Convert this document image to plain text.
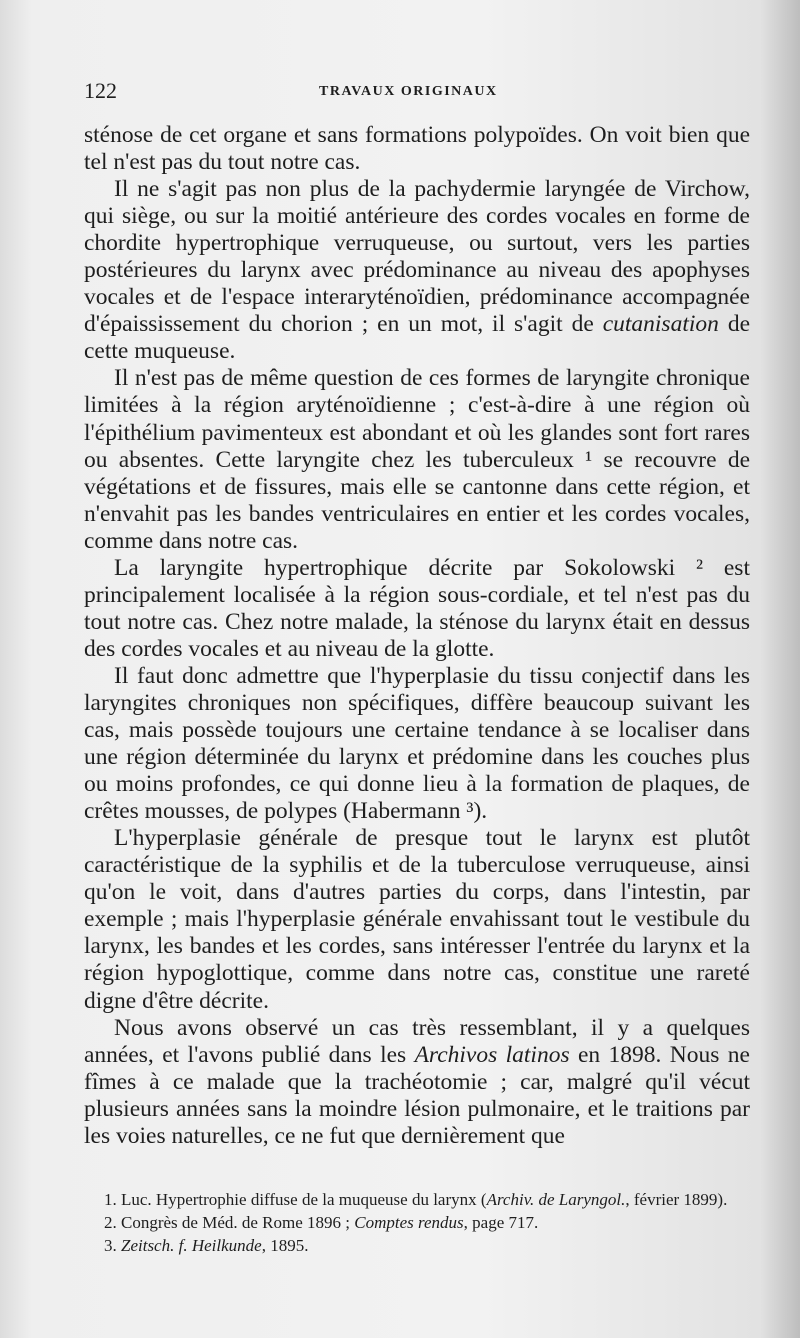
122	TRAVAUX ORIGINAUX

sténose de cet organe et sans formations polypoïdes. On voit bien que tel n'est pas du tout notre cas.

Il ne s'agit pas non plus de la pachydermie laryngée de Virchow, qui siège, ou sur la moitié antérieure des cordes vocales en forme de chordite hypertrophique verruqueuse, ou surtout, vers les parties postérieures du larynx avec prédominance au niveau des apophyses vocales et de l'espace interaryténoïdien, prédominance accompagnée d'épaississement du chorion ; en un mot, il s'agit de cutanisation de cette muqueuse.

Il n'est pas de même question de ces formes de laryngite chronique limitées à la région aryténoïdienne ; c'est-à-dire à une région où l'épithélium pavimenteux est abondant et où les glandes sont fort rares ou absentes. Cette laryngite chez les tuberculeux ¹ se recouvre de végétations et de fissures, mais elle se cantonne dans cette région, et n'envahit pas les bandes ventriculaires en entier et les cordes vocales, comme dans notre cas.

La laryngite hypertrophique décrite par Sokolowski ² est principalement localisée à la région sous-cordiale, et tel n'est pas du tout notre cas. Chez notre malade, la sténose du larynx était en dessus des cordes vocales et au niveau de la glotte.

Il faut donc admettre que l'hyperplasie du tissu conjectif dans les laryngites chroniques non spécifiques, diffère beaucoup suivant les cas, mais possède toujours une certaine tendance à se localiser dans une région déterminée du larynx et prédomine dans les couches plus ou moins profondes, ce qui donne lieu à la formation de plaques, de crêtes mousses, de polypes (Habermann ³).

L'hyperplasie générale de presque tout le larynx est plutôt caractéristique de la syphilis et de la tuberculose verruqueuse, ainsi qu'on le voit, dans d'autres parties du corps, dans l'intestin, par exemple ; mais l'hyperplasie générale envahissant tout le vestibule du larynx, les bandes et les cordes, sans intéresser l'entrée du larynx et la région hypoglottique, comme dans notre cas, constitue une rareté digne d'être décrite.

Nous avons observé un cas très ressemblant, il y a quelques années, et l'avons publié dans les Archivos latinos en 1898. Nous ne fîmes à ce malade que la trachéotomie ; car, malgré qu'il vécut plusieurs années sans la moindre lésion pulmonaire, et le traitions par les voies naturelles, ce ne fut que dernièrement que

1. Luc. Hypertrophie diffuse de la muqueuse du larynx (Archiv. de Laryngol., février 1899).

2. Congrès de Méd. de Rome 1896 ; Comptes rendus, page 717.

3. Zeitsch. f. Heilkunde, 1895.
